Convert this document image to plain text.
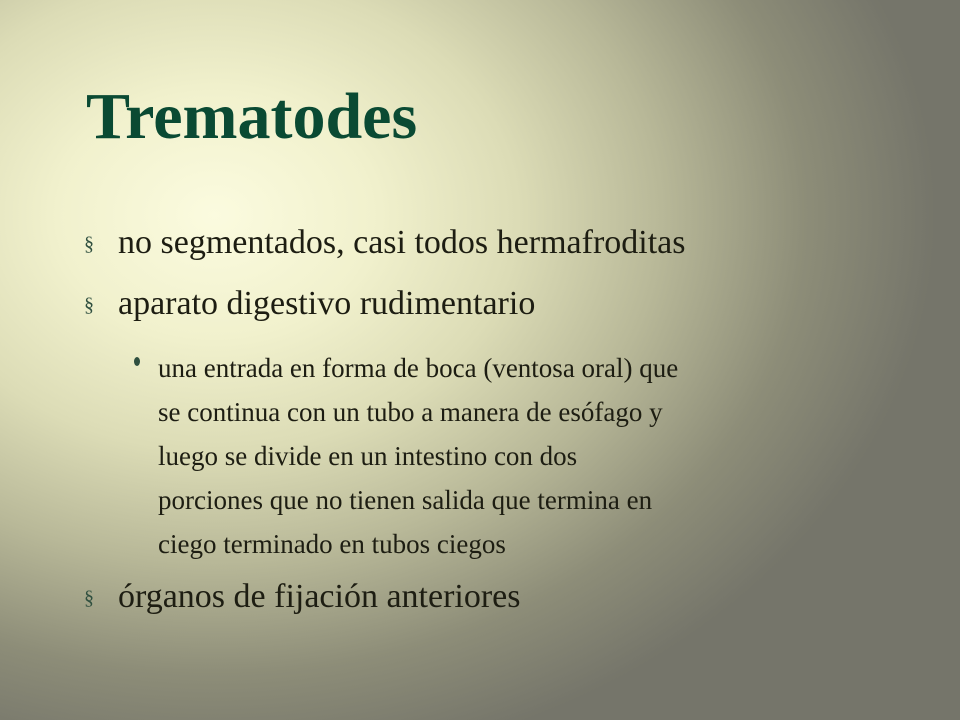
Trematodes
§ no segmentados, casi todos hermafroditas
§ aparato digestivo rudimentario
una entrada en forma de boca (ventosa oral) que
se continua con un tubo a manera de esófago y
luego se divide en un intestino con dos
porciones que no tienen salida que termina en
ciego terminado en tubos ciegos
§ órganos de fijación anteriores
